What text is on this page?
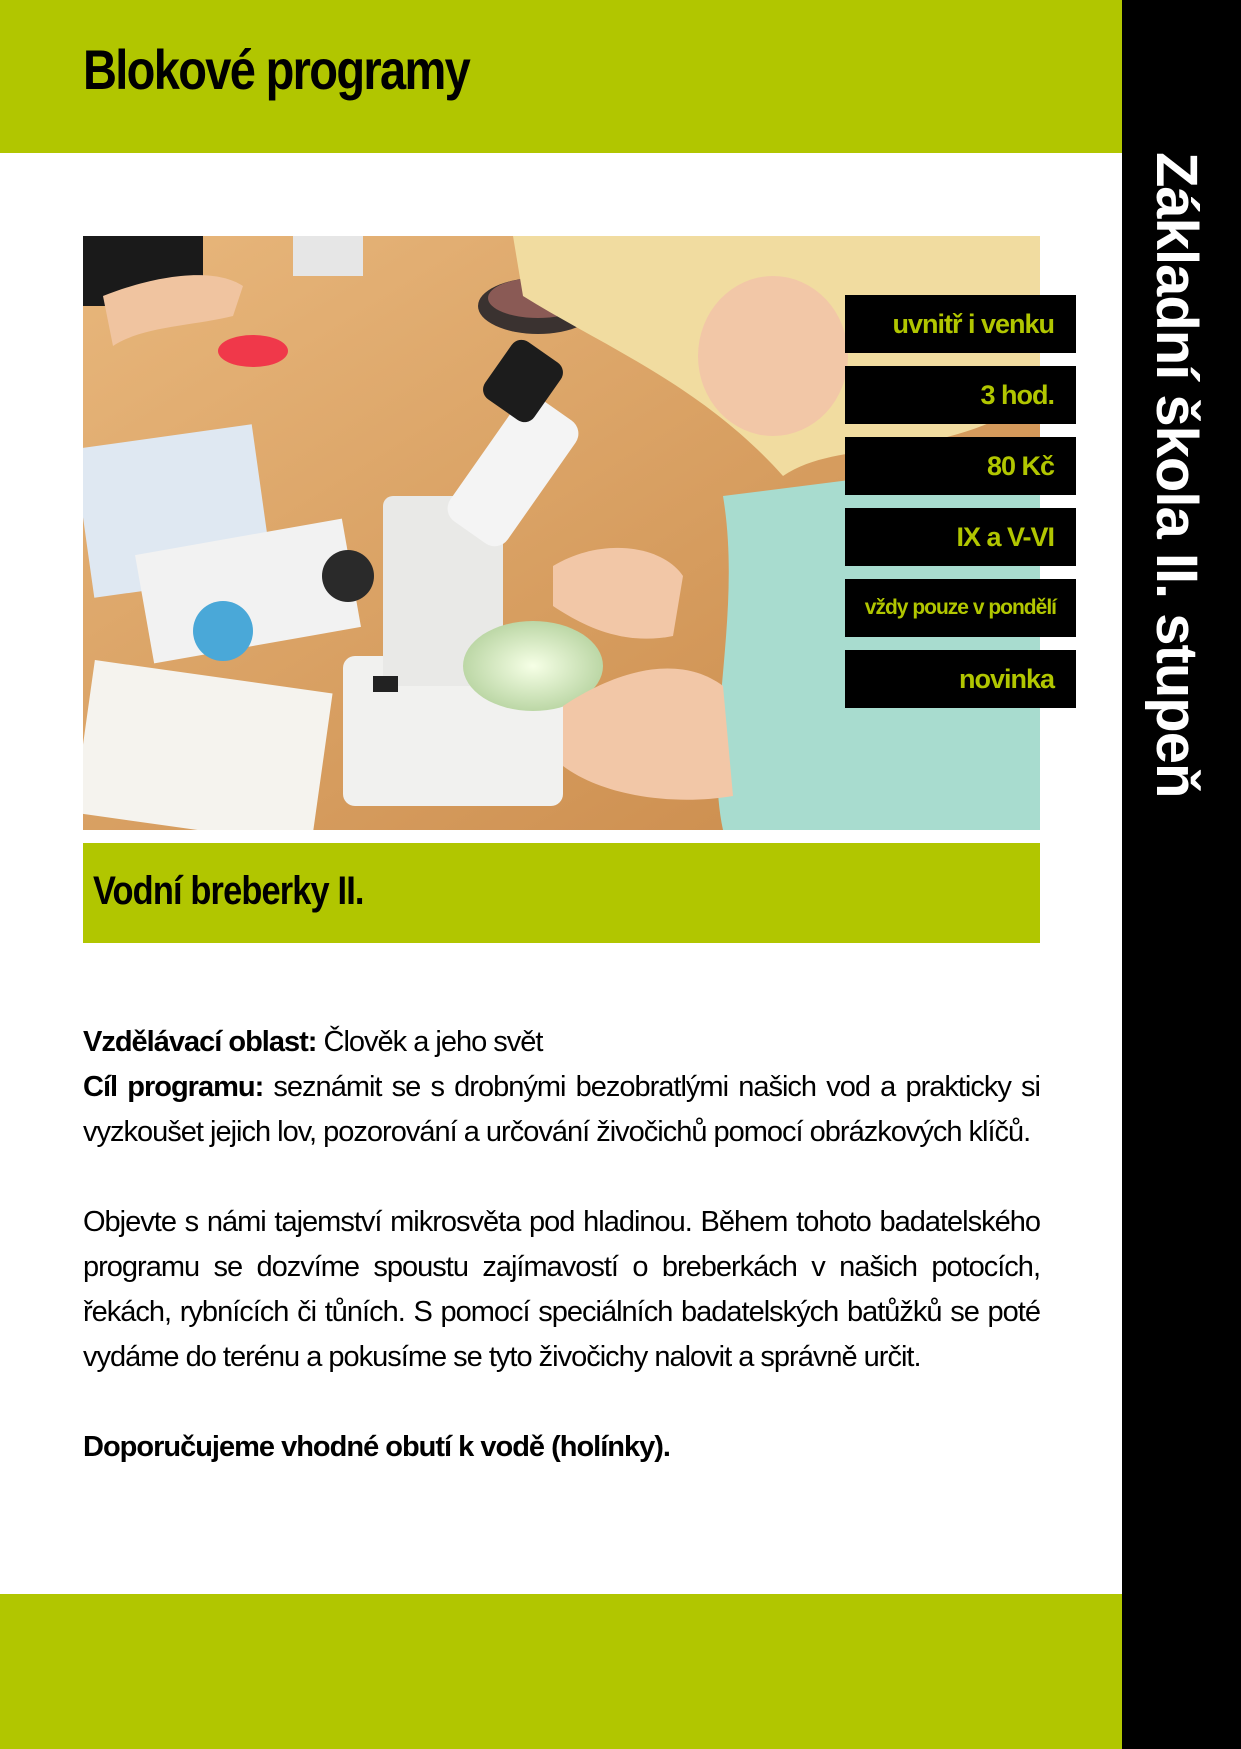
Blokové programy
Základní škola II. stupeň
uvnitř i venku
3 hod.
80 Kč
IX a V-VI
vždy pouze v pondělí
novinka
Vodní breberky II.

Vzdělávací oblast: Člověk a jeho svět

Cíl programu: seznámit se s drobnými bezobratlými našich vod a prakticky si vyzkoušet jejich lov, pozorování a určování živočichů pomocí obrázkových klíčů.

Objevte s námi tajemství mikrosvěta pod hladinou. Během tohoto badatelského programu se dozvíme spoustu zajímavostí o breberkách v našich potocích, řekách, rybnících či tůních. S pomocí speciálních badatelských batůžků se poté vydáme do terénu a pokusíme se tyto živočichy nalovit a správně určit.

Doporučujeme vhodné obutí k vodě (holínky).
